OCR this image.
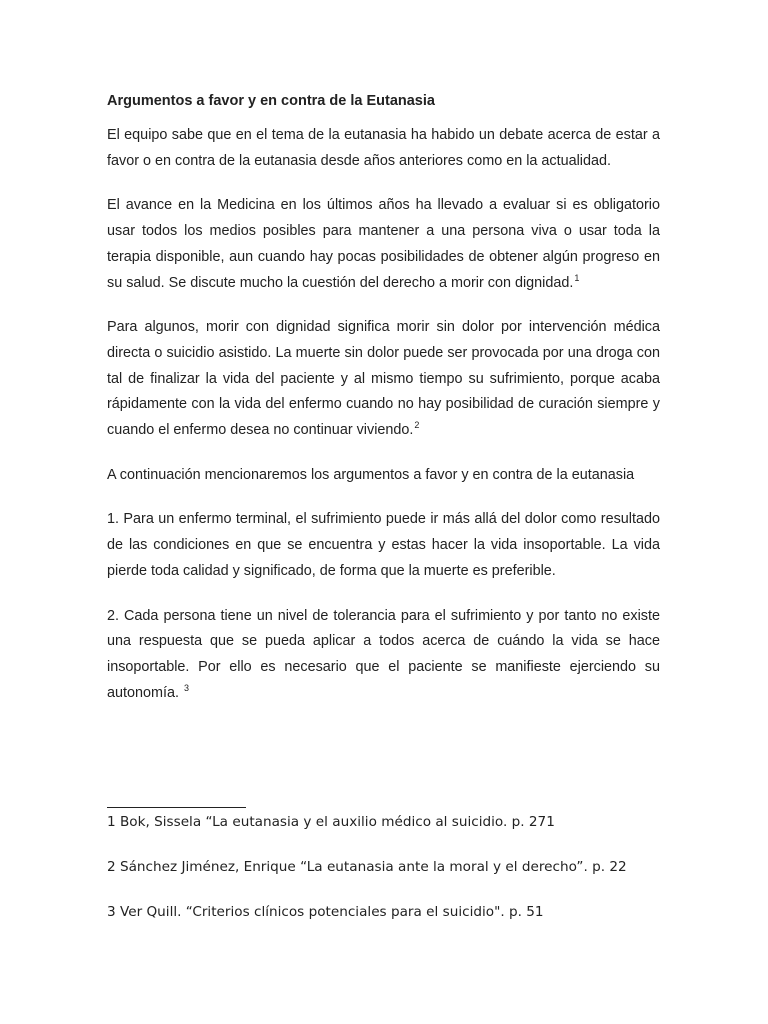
Argumentos a favor y en contra de la Eutanasia

El equipo sabe que en el tema de la eutanasia ha habido un debate acerca de estar a favor o en contra de la eutanasia desde años anteriores como en la actualidad.

El avance en la Medicina en los últimos años ha llevado a evaluar si es obligatorio usar todos los medios posibles para mantener a una persona viva o usar toda la terapia disponible, aun cuando hay pocas posibilidades de obtener algún progreso en su salud. Se discute mucho la cuestión del derecho a morir con dignidad.$^1$

Para algunos, morir con dignidad significa morir sin dolor por intervención médica directa o suicidio asistido. La muerte sin dolor puede ser provocada por una droga con tal de finalizar la vida del paciente y al mismo tiempo su sufrimiento, porque acaba rápidamente con la vida del enfermo cuando no hay posibilidad de curación siempre y cuando el enfermo desea no continuar viviendo.$^2$

A continuación mencionaremos los argumentos a favor y en contra de la eutanasia

1. Para un enfermo terminal, el sufrimiento puede ir más allá del dolor como resultado de las condiciones en que se encuentra y estas hacer la vida insoportable. La vida pierde toda calidad y significado, de forma que la muerte es preferible.

2. Cada persona tiene un nivel de tolerancia para el sufrimiento y por tanto no existe una respuesta que se pueda aplicar a todos acerca de cuándo la vida se hace insoportable. Por ello es necesario que el paciente se manifieste ejerciendo su autonomía. $^3$

1 Bok, Sissela “La eutanasia y el auxilio médico al suicidio. p. 271
2 Sánchez Jiménez, Enrique “La eutanasia ante la moral y el derecho”. p. 22
3 Ver Quill. “Criterios clínicos potenciales para el suicidio". p. 51
